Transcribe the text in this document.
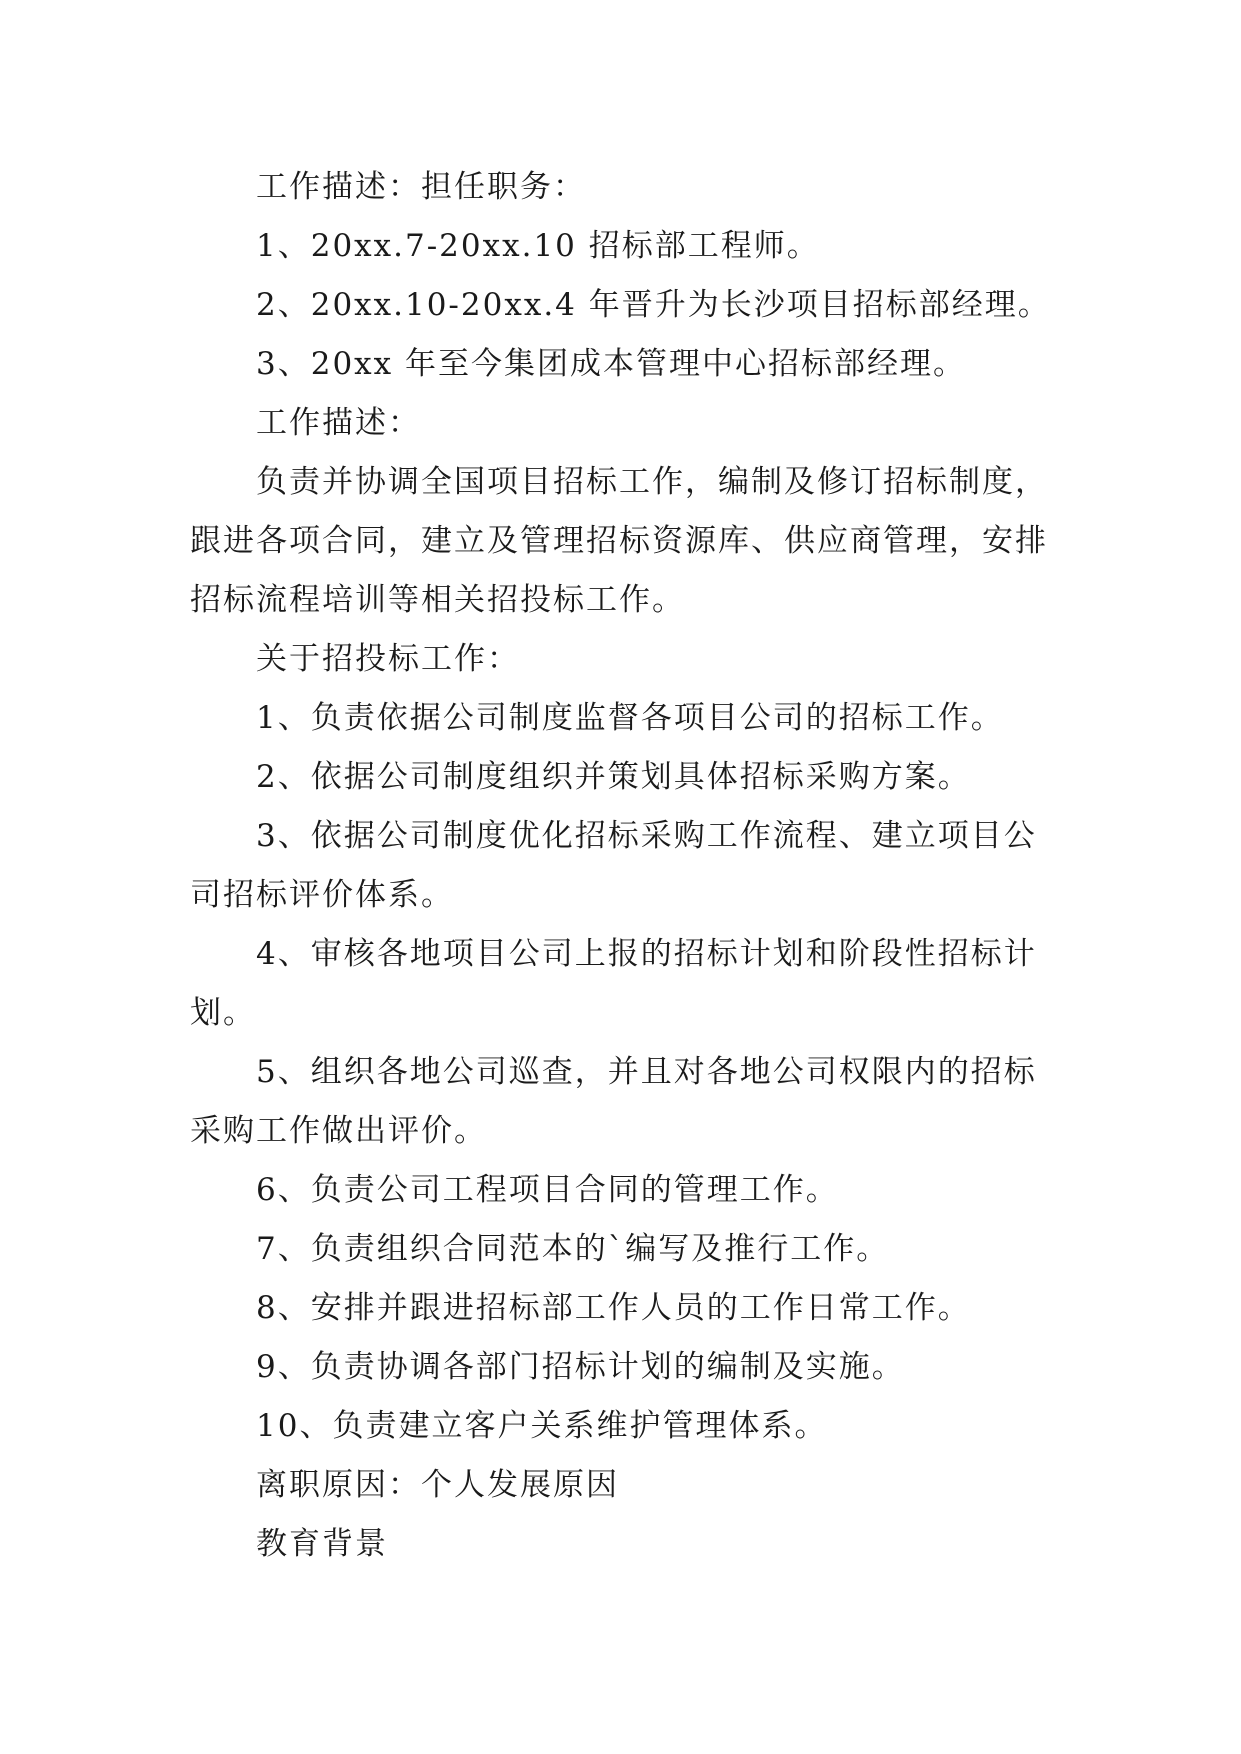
工作描述：担任职务：
1、20xx.7-20xx.10 招标部工程师。
2、20xx.10-20xx.4 年晋升为长沙项目招标部经理。
3、20xx 年至今集团成本管理中心招标部经理。
工作描述：
负责并协调全国项目招标工作，编制及修订招标制度，
跟进各项合同，建立及管理招标资源库、供应商管理，安排
招标流程培训等相关招投标工作。
关于招投标工作：
1、负责依据公司制度监督各项目公司的招标工作。
2、依据公司制度组织并策划具体招标采购方案。
3、依据公司制度优化招标采购工作流程、建立项目公
司招标评价体系。
4、审核各地项目公司上报的招标计划和阶段性招标计
划。
5、组织各地公司巡查，并且对各地公司权限内的招标
采购工作做出评价。
6、负责公司工程项目合同的管理工作。
7、负责组织合同范本的`编写及推行工作。
8、安排并跟进招标部工作人员的工作日常工作。
9、负责协调各部门招标计划的编制及实施。
10、负责建立客户关系维护管理体系。
离职原因：个人发展原因
教育背景
